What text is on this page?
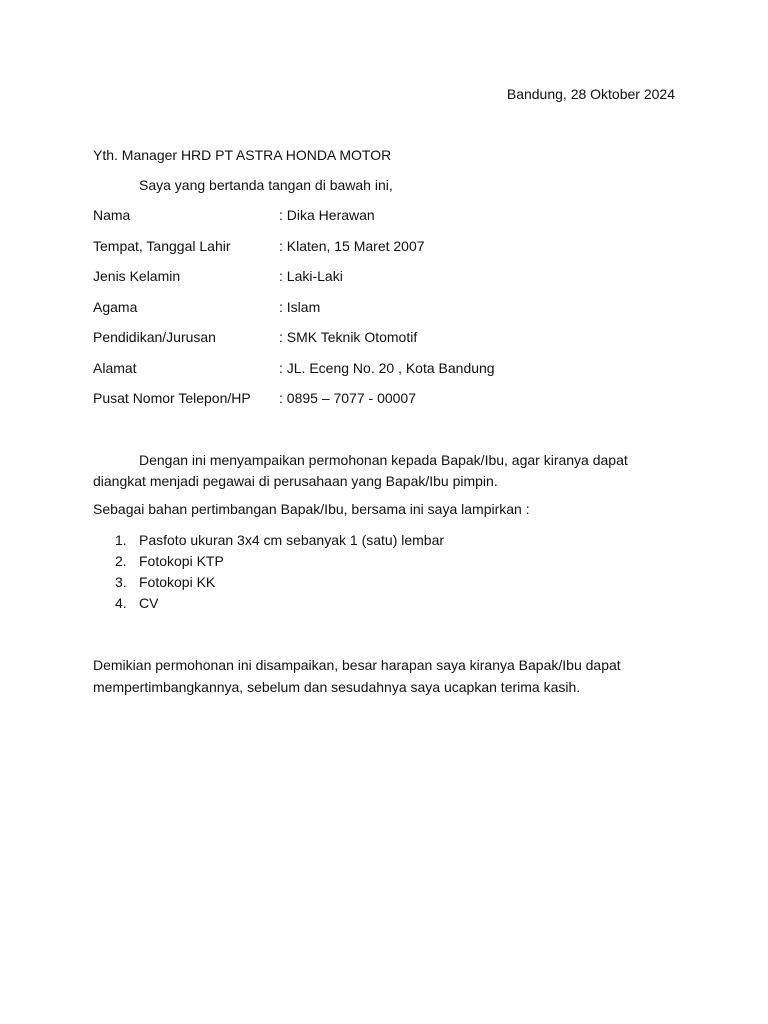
Bandung, 28 Oktober 2024
Yth. Manager HRD PT ASTRA HONDA MOTOR
Saya yang bertanda tangan di bawah ini,
Nama	: Dika Herawan
Tempat, Tanggal Lahir	: Klaten, 15 Maret 2007
Jenis Kelamin	: Laki-Laki
Agama	: Islam
Pendidikan/Jurusan	: SMK Teknik Otomotif
Alamat	: JL. Eceng No. 20 , Kota Bandung
Pusat Nomor Telepon/HP : 0895 – 7077 - 00007
Dengan ini menyampaikan permohonan kepada Bapak/Ibu, agar kiranya dapat diangkat menjadi pegawai di perusahaan yang Bapak/Ibu pimpin.
Sebagai bahan pertimbangan Bapak/Ibu, bersama ini saya lampirkan :
1. Pasfoto ukuran 3x4 cm sebanyak 1 (satu) lembar
2. Fotokopi KTP
3. Fotokopi KK
4. CV
Demikian permohonan ini disampaikan, besar harapan saya kiranya Bapak/Ibu dapat mempertimbangkannya, sebelum dan sesudahnya saya ucapkan terima kasih.
